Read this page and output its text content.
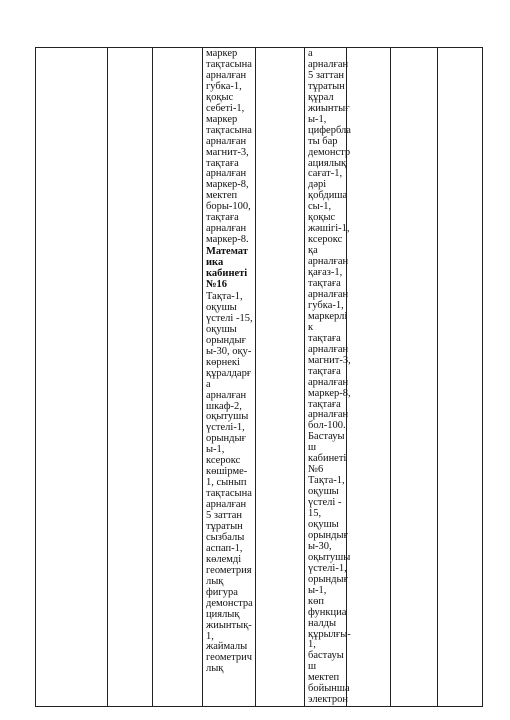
маркер
тақтасына
арналған
губка-1,
қоқыс
себеті-1,
маркер
тақтасына
арналған
магнит-3,
тақтаға
арналған
маркер-8,
мектеп
боры-100,
тақтаға
арналған
маркер-8.
Математ
ика
кабинеті
№16
Тақта-1,
оқушы
үстелі -15,
оқушы
орындығ
ы-30, оқу-
көрнекі
құралдарғ
а
арналған
шкаф-2,
оқытушы
үстелі-1,
орындығ
ы-1,
ксерокс
көшірме-
1, сынып
тақтасына
арналған
5 заттан
тұратын
сызбалы
аспап-1,
көлемді
геометрия
лық
фигура
демонстра
циялық
жиынтық-
1,
жаймалы
геометрич
лық

а
арналған
5 заттан
тұратын
құрал
жиынтығ
ы-1,
циферблa
ты бар
демонстр
ациялық
сағат-1,
дәрі
қобдиша
сы-1,
қоқыс
жәшігі-1,
ксерокс
қа
арналған
қағаз-1,
тақтаға
арналған
губка-1,
маркерлі
к тақтаға
арналған
магнит-3,
тақтаға
арналған
маркер-8,
тақтаға
арналған
бол-100.
Бастауы
ш
кабинеті
№6
Тақта-1,
оқушы
үстелі -
15,
оқушы
орындығ
ы-30,
оқытушы
үстелі-1,
орындығ
ы-1, көп
функциa
налды
құрылғы-
1,
бастауы
ш мектеп
бойынша
электрон
